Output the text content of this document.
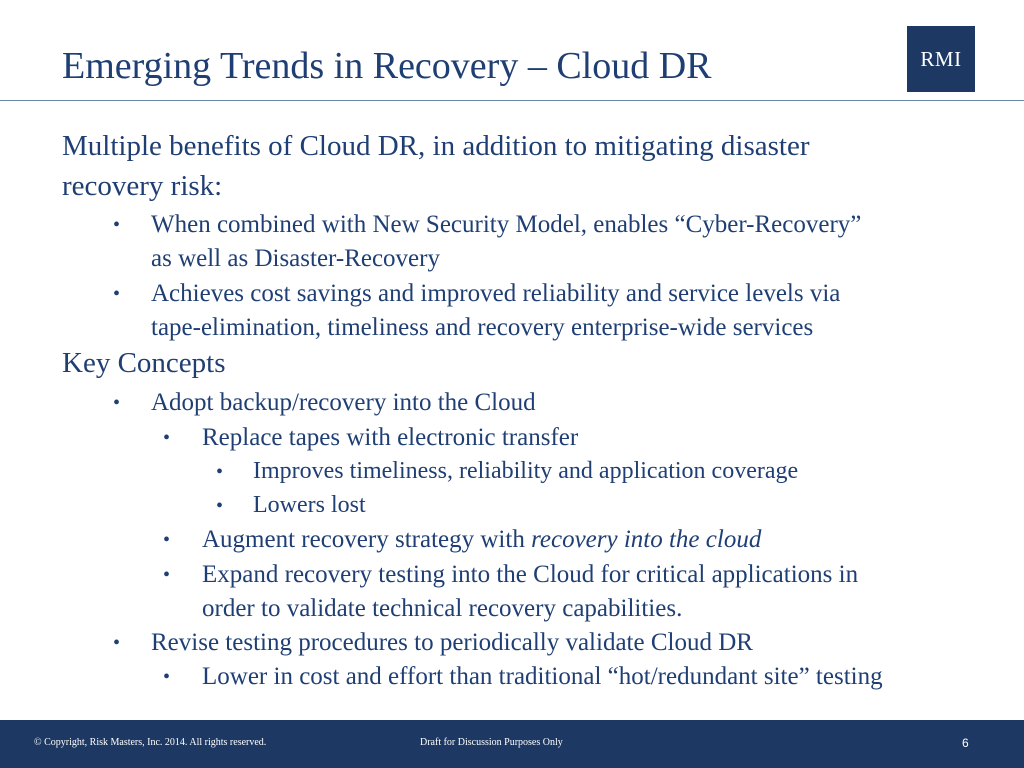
Emerging Trends in Recovery – Cloud DR	RMI
Multiple benefits of Cloud DR, in addition to mitigating disaster
recovery risk:
• When combined with New Security Model, enables “Cyber-Recovery”
as well as Disaster-Recovery
• Achieves cost savings and improved reliability and service levels via
tape-elimination, timeliness and recovery enterprise-wide services
Key Concepts
• Adopt backup/recovery into the Cloud
• Replace tapes with electronic transfer
• Improves timeliness, reliability and application coverage
• Lowers lost
• Augment recovery strategy with recovery into the cloud
• Expand recovery testing into the Cloud for critical applications in
order to validate technical recovery capabilities.
• Revise testing procedures to periodically validate Cloud DR
• Lower in cost and effort than traditional “hot/redundant site” testing
© Copyright, Risk Masters, Inc. 2014. All rights reserved.	Draft for Discussion Purposes Only	6
